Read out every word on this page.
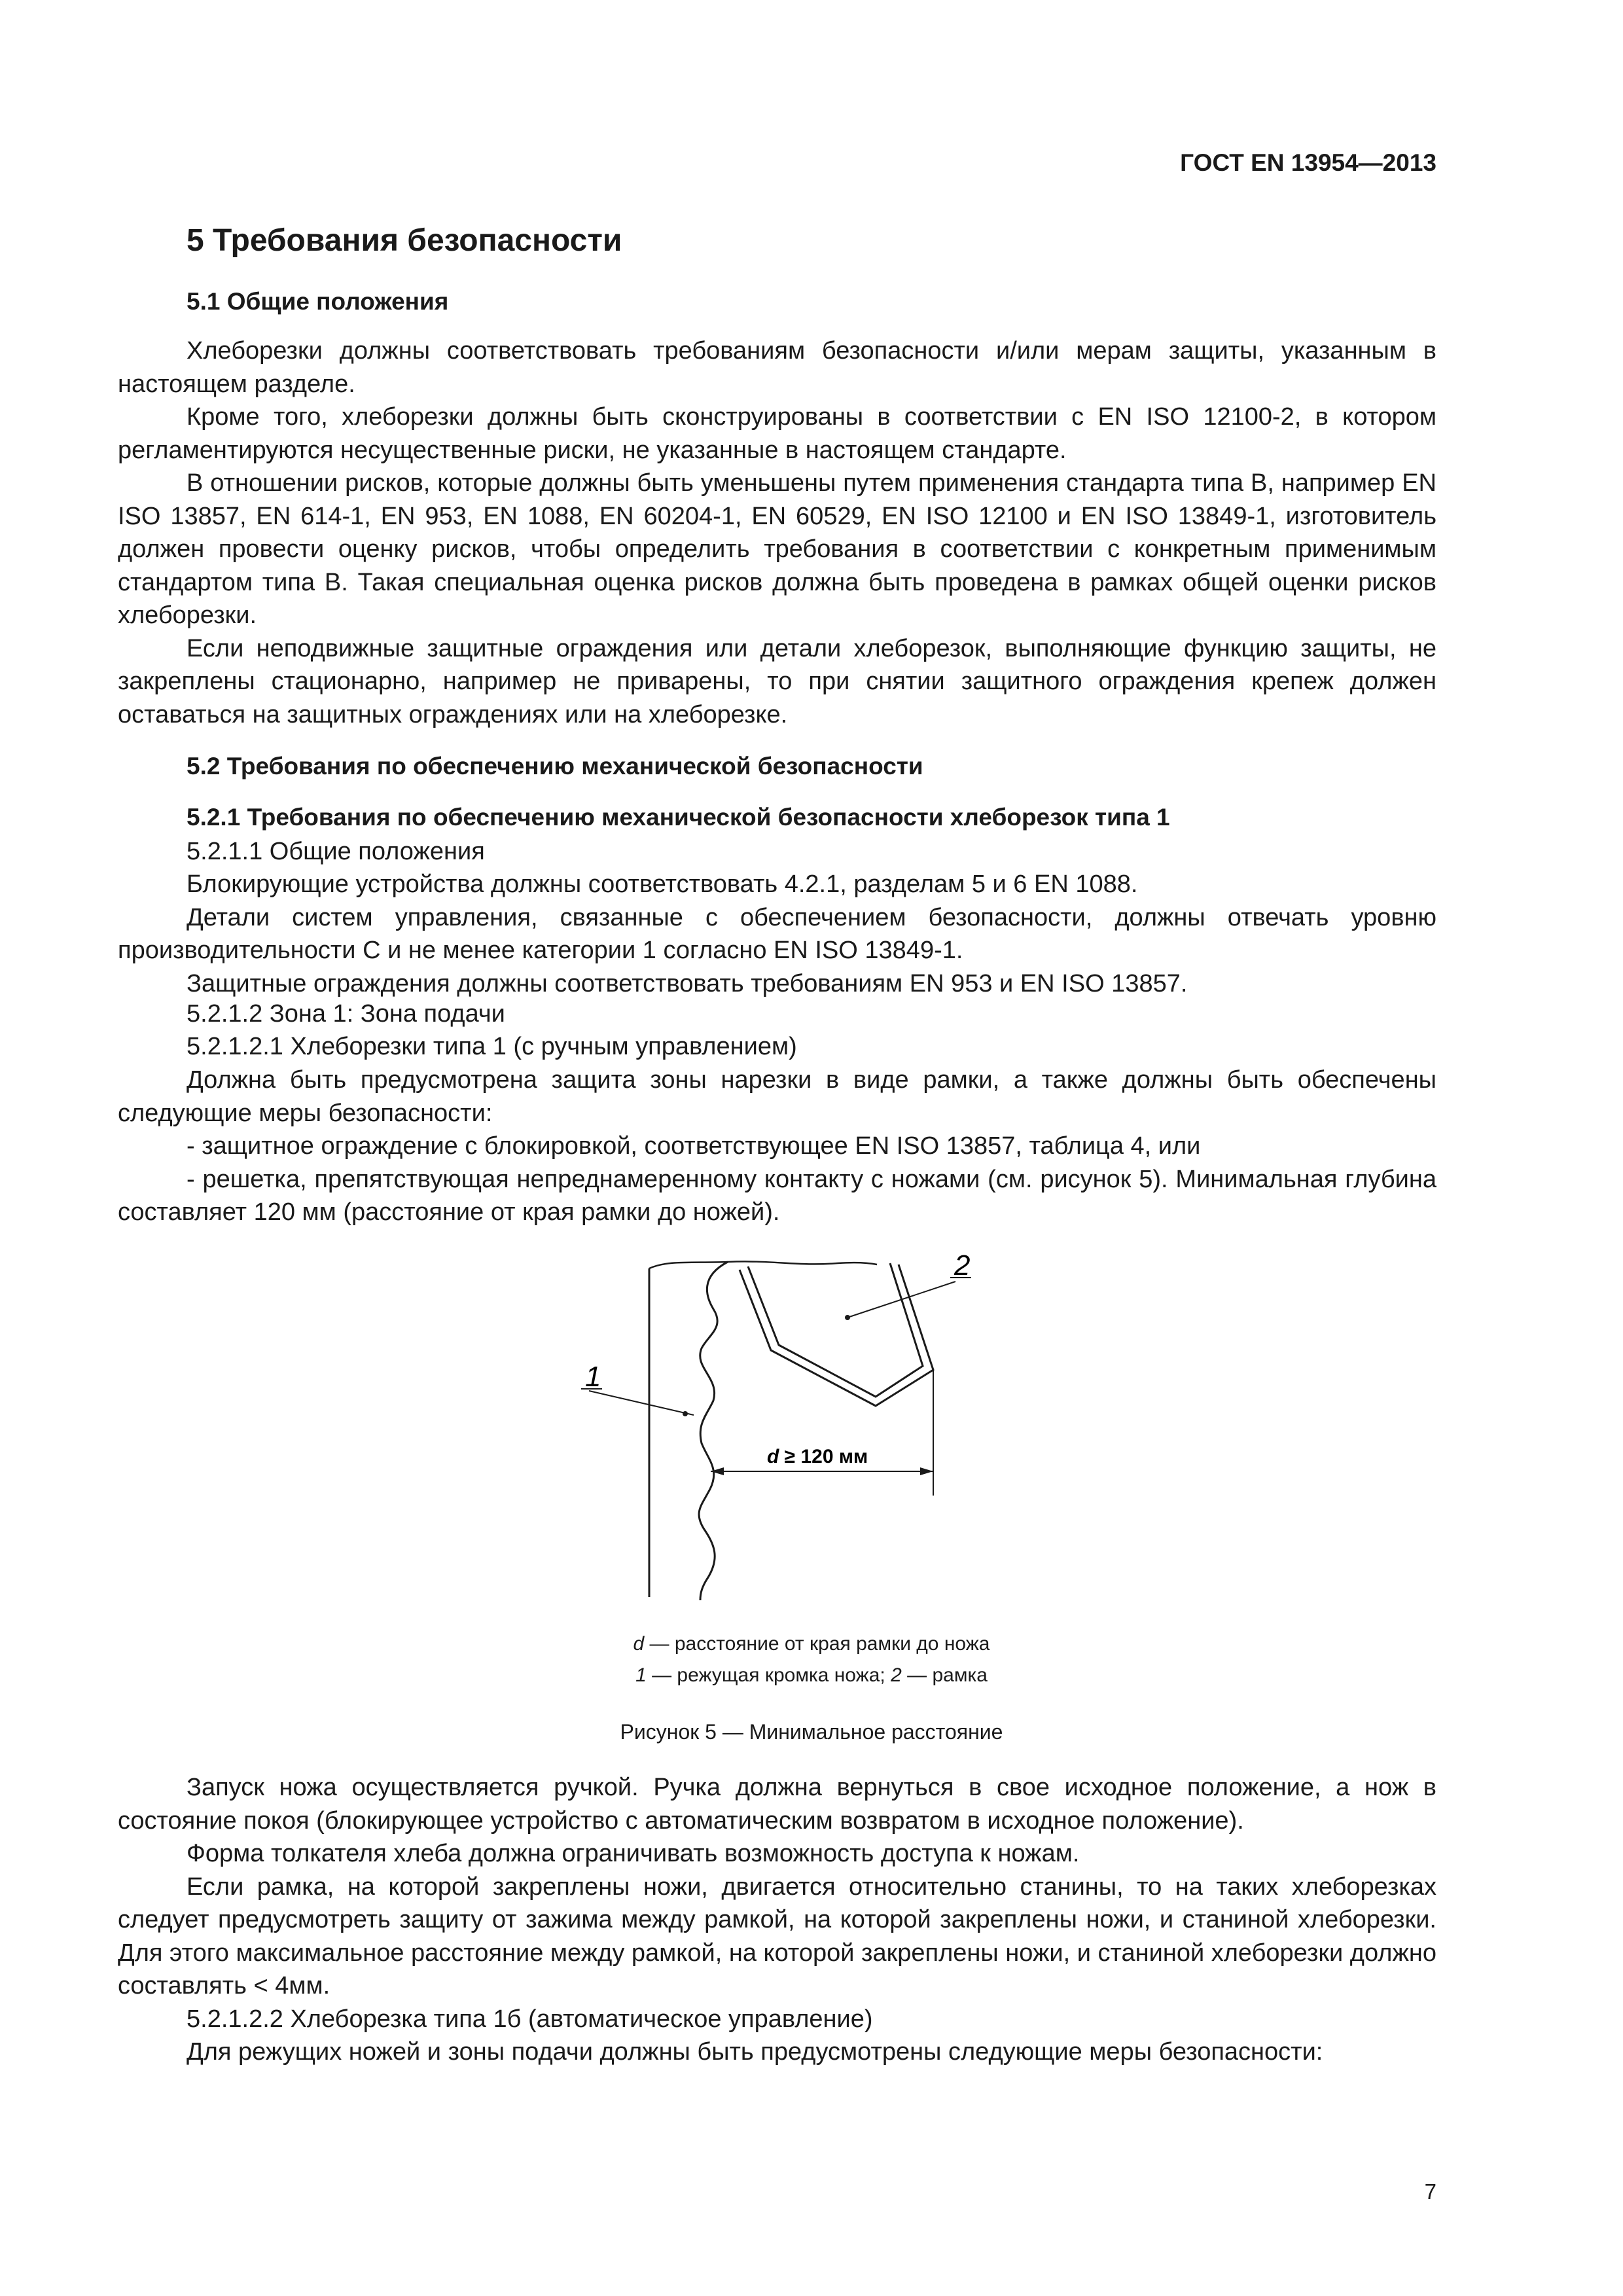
ГОСТ EN 13954—2013
5 Требования безопасности
5.1 Общие положения

Хлеборезки должны соответствовать требованиям безопасности и/или мерам защиты, указанным в настоящем разделе.

Кроме того, хлеборезки должны быть сконструированы в соответствии с EN ISO 12100-2, в котором регламентируются несущественные риски, не указанные в настоящем стандарте.

В отношении рисков, которые должны быть уменьшены путем применения стандарта типа В, например EN ISO 13857, EN 614-1, EN 953, EN 1088, EN 60204-1, EN 60529, EN ISO 12100 и EN ISO 13849-1, изготовитель должен провести оценку рисков, чтобы определить требования в соответствии с конкретным применимым стандартом типа В. Такая специальная оценка рисков должна быть проведена в рамках общей оценки рисков хлеборезки.

Если неподвижные защитные ограждения или детали хлеборезок, выполняющие функцию защиты, не закреплены стационарно, например не приварены, то при снятии защитного ограждения крепеж должен оставаться на защитных ограждениях или на хлеборезке.

5.2 Требования по обеспечению механической безопасности
5.2.1 Требования по обеспечению механической безопасности хлеборезок типа 1
5.2.1.1 Общие положения

Блокирующие устройства должны соответствовать 4.2.1, разделам 5 и 6 EN 1088.

Детали систем управления, связанные с обеспечением безопасности, должны отвечать уровню производительности С и не менее категории 1 согласно EN ISO 13849-1.

Защитные ограждения должны соответствовать требованиям EN 953 и EN ISO 13857.

5.2.1.2 Зона 1: Зона подачи
5.2.1.2.1 Хлеборезки типа 1 (с ручным управлением)

Должна быть предусмотрена защита зоны нарезки в виде рамки, а также должны быть обеспечены следующие меры безопасности:

- защитное ограждение с блокировкой, соответствующее EN ISO 13857, таблица 4, или

- решетка, препятствующая непреднамеренному контакту с ножами (см. рисунок 5). Минимальная глубина составляет 120 мм (расстояние от края рамки до ножей).

2
1
d ≥ 120 мм
d — расстояние от края рамки до ножа
1 — режущая кромка ножа; 2 — рамка
Рисунок 5 — Минимальное расстояние

Запуск ножа осуществляется ручкой. Ручка должна вернуться в свое исходное положение, а нож в состояние покоя (блокирующее устройство с автоматическим возвратом в исходное положение).

Форма толкателя хлеба должна ограничивать возможность доступа к ножам.

Если рамка, на которой закреплены ножи, двигается относительно станины, то на таких хлеборезках следует предусмотреть защиту от зажима между рамкой, на которой закреплены ножи, и станиной хлеборезки. Для этого максимальное расстояние между рамкой, на которой закреплены ножи, и станиной хлеборезки должно составлять < 4мм.

5.2.1.2.2 Хлеборезка типа 1б (автоматическое управление)

Для режущих ножей и зоны подачи должны быть предусмотрены следующие меры безопасности:

7
